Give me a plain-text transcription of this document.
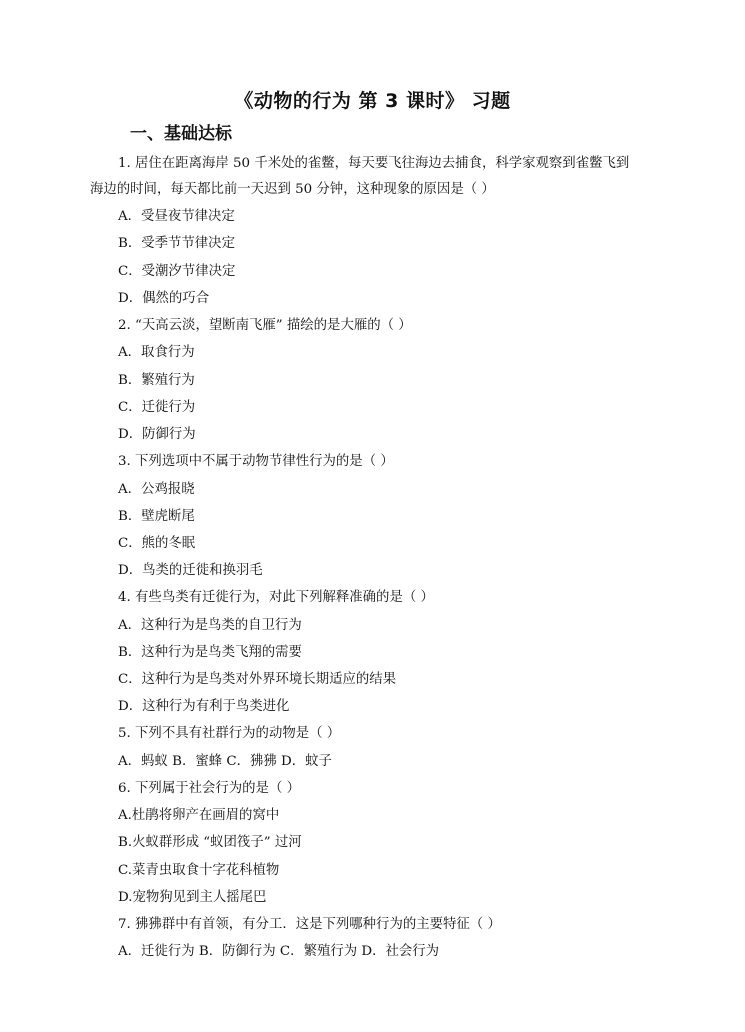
《动物的行为 第 3 课时》 习题
一、基础达标
1. 居住在距离海岸 50 千米处的雀鳖，每天要飞往海边去捕食，科学家观察到雀鳖飞到
海边的时间，每天都比前一天迟到 50 分钟，这种现象的原因是（ ）
A．受昼夜节律决定
B．受季节节律决定
C．受潮汐节律决定
D．偶然的巧合
2. “天高云淡，望断南飞雁” 描绘的是大雁的（ ）
A．取食行为
B．繁殖行为
C．迁徙行为
D．防御行为
3. 下列选项中不属于动物节律性行为的是（ ）
A．公鸡报晓
B．壁虎断尾
C．熊的冬眠
D．鸟类的迁徙和换羽毛
4. 有些鸟类有迁徙行为，对此下列解释准确的是（ ）
A．这种行为是鸟类的自卫行为
B．这种行为是鸟类飞翔的需要
C．这种行为是鸟类对外界环境长期适应的结果
D．这种行为有利于鸟类进化
5. 下列不具有社群行为的动物是（ ）
A．蚂蚁 B．蜜蜂 C．狒狒 D．蚊子
6. 下列属于社会行为的是（ ）
A.杜鹃将卵产在画眉的窝中
B.火蚁群形成 “蚁团筏子” 过河
C.菜青虫取食十字花科植物
D.宠物狗见到主人摇尾巴
7. 狒狒群中有首领，有分工．这是下列哪种行为的主要特征（ ）
A．迁徙行为 B．防御行为 C．繁殖行为 D．社会行为
